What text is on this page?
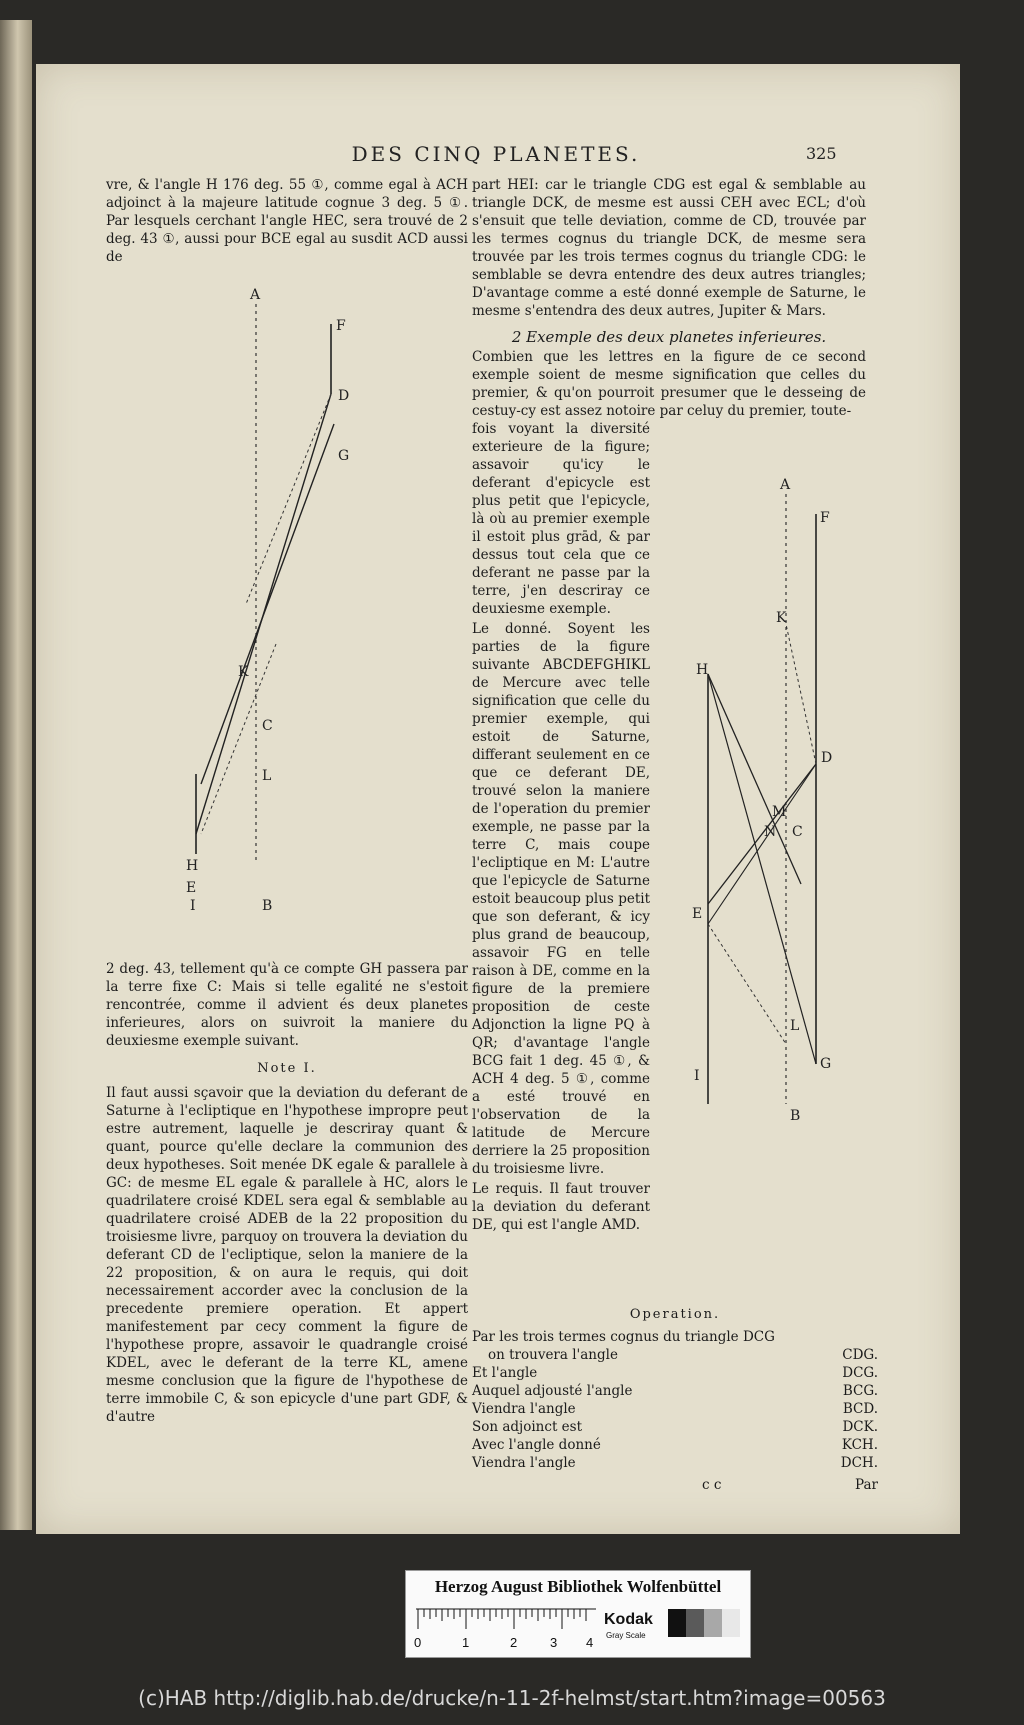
DES CINQ PLANETES.	325

vre, & l'angle H 176 deg. 55 ①, comme egal à ACH adjoinct à la majeure latitude cognue 3 deg. 5 ①. Par lesquels cerchant l'angle HEC, sera trouvé de 2 deg. 43 ①, aussi pour BCE egal au susdit ACD aussi de

A
F
D
G
K
C
L
H
E
I	B

2 deg. 43, tellement qu'à ce compte GH passera par la terre fixe C: Mais si telle egalité ne s'estoit rencontrée, comme il advient és deux planetes inferieures, alors on suivroit la maniere du deuxiesme exemple suivant.

Note I.

Il faut aussi sçavoir que la deviation du deferant de Saturne à l'ecliptique en l'hypothese impropre peut estre autrement, laquelle je descriray quant & quant, pource qu'elle declare la communion des deux hypotheses. Soit menée DK egale & parallele à GC: de mesme EL egale & parallele à HC, alors le quadrilatere croisé KDEL sera egal & semblable au quadrilatere croisé ADEB de la 22 proposition du troisiesme livre, parquoy on trouvera la deviation du deferant CD de l'ecliptique, selon la maniere de la 22 proposition, & on aura le requis, qui doit necessairement accorder avec la conclusion de la precedente premiere operation. Et appert manifestement par cecy comment la figure de l'hypothese propre, assavoir le quadrangle croisé KDEL, avec le deferant de la terre KL, amene mesme conclusion que la figure de l'hypothese de terre immobile C, & son epicycle d'une part GDF, & d'autre

part HEI: car le triangle CDG est egal & semblable au triangle DCK, de mesme est aussi CEH avec ECL; d'où s'ensuit que telle deviation, comme de CD, trouvée par les termes cognus du triangle DCK, de mesme sera trouvée par les trois termes cognus du triangle CDG: le semblable se devra entendre des deux autres triangles; D'avantage comme a esté donné exemple de Saturne, le mesme s'entendra des deux autres, Jupiter & Mars.

2 Exemple des deux planetes inferieures.

Combien que les lettres en la figure de ce second exemple soient de mesme signification que celles du premier, & qu'on pourroit presumer que le desseing de cestuy-cy est assez notoire par celuy du premier, toute-

fois voyant la diversité exterieure de la figure; assavoir qu'icy le deferant d'epicycle est plus petit que l'epicycle, là où au premier exemple il estoit plus grād, & par dessus tout cela que ce deferant ne passe par la terre, j'en descriray ce deuxiesme exemple.

Le donné. Soyent les parties de la figure suivante ABCDEFGHIKL de Mercure avec telle signification que celle du premier exemple, qui estoit de Saturne, differant seulement en ce que ce deferant DE, trouvé selon la maniere de l'operation du premier exemple, ne passe par la terre C, mais coupe l'ecliptique en M: L'autre que l'epicycle de Saturne estoit beaucoup plus petit que son deferant, & icy plus grand de beaucoup, assavoir FG en telle raison à DE, comme en la figure de la premiere proposition de ceste Adjonction la ligne PQ à QR; d'avantage l'angle BCG fait 1 deg. 45 ①, & ACH 4 deg. 5 ①, comme a esté trouvé en l'observation de la latitude de Mercure derriere la 25 proposition du troisiesme livre.

Le requis. Il faut trouver la deviation du deferant DE, qui est l'angle AMD.

A
F
K
H
D
M
N C
E
G
L
I
B
Operation.
Par les trois termes cognus du triangle DCG
on trouvera l'angle	CDG.
Et l'angle	DCG.
Auquel adjousté l'angle	BCG.
Viendra l'angle	BCD.
Son adjoinct est	DCK.
Avec l'angle donné	KCH.
Viendra l'angle	DCH.
c c	Par
Herzog August Bibliothek Wolfenbüttel
0	1	2	3 4
Kodak
Gray Scale
(c)HAB http://diglib.hab.de/drucke/n-11-2f-helmst/start.htm?image=00563
